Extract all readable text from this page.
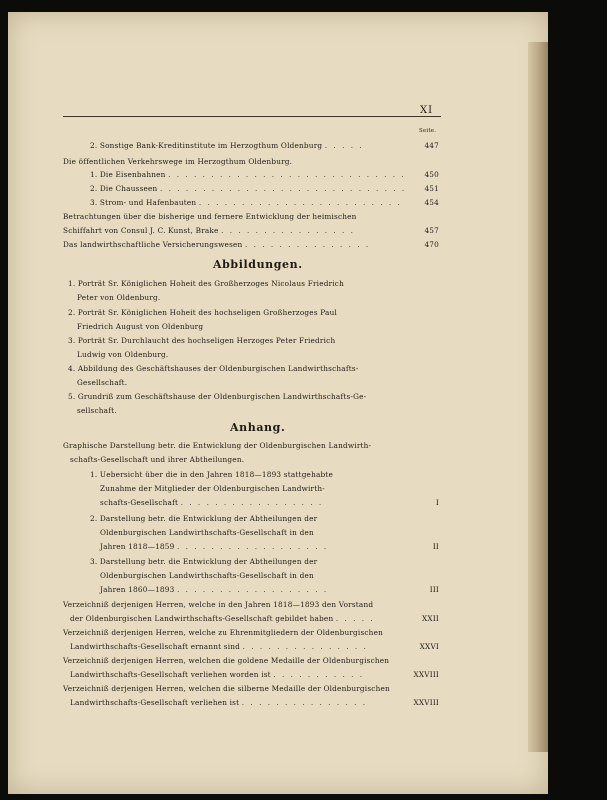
XI
Seite.
2. Sonstige Bank-Kreditinstitute im Herzogthum Oldenburg . . . . .	447
Die öffentlichen Verkehrswege im Herzogthum Oldenburg.
1. Die Eisenbahnen . . . . . . . . . . . . . . . . . . . . . . . . . . . .	450
2. Die Chausseen . . . . . . . . . . . . . . . . . . . . . . . . . . . . .	451
3. Strom- und Hafenbauten . . . . . . . . . . . . . . . . . . . . . . . .	454
Betrachtungen über die bisherige und fernere Entwicklung der heimischen
Schiffahrt von Consul J. C. Kunst, Brake . . . . . . . . . . . . . . . .	457
Das landwirthschaftliche Versicherungswesen . . . . . . . . . . . . . . .	470
Abbildungen.
1. Porträt Sr. Königlichen Hoheit des Großherzoges Nicolaus Friedrich
Peter von Oldenburg.
2. Porträt Sr. Königlichen Hoheit des hochseligen Großherzoges Paul
Friedrich August von Oldenburg
3. Porträt Sr. Durchlaucht des hochseligen Herzoges Peter Friedrich
Ludwig von Oldenburg.
4. Abbildung des Geschäftshauses der Oldenburgischen Landwirthschafts-
Gesellschaft.
5. Grundriß zum Geschäftshause der Oldenburgischen Landwirthschafts-Ge-
sellschaft.
Anhang.
Graphische Darstellung betr. die Entwicklung der Oldenburgischen Landwirth-
schafts-Gesellschaft und ihrer Abtheilungen.
1. Uebersicht über die in den Jahren 1818—1893 stattgehabte
Zunahme der Mitglieder der Oldenburgischen Landwirth-
schafts-Gesellschaft . . . . . . . . . . . . . . . . .	I
2. Darstellung betr. die Entwicklung der Abtheilungen der
Oldenburgischen Landwirthschafts-Gesellschaft in den
Jahren 1818—1859 . . . . . . . . . . . . . . . . . .	II
3. Darstellung betr. die Entwicklung der Abtheilungen der
Oldenburgischen Landwirthschafts-Gesellschaft in den
Jahren 1860—1893 . . . . . . . . . . . . . . . . . .	III
Verzeichniß derjenigen Herren, welche in den Jahren 1818—1893 den Vorstand
der Oldenburgischen Landwirthschafts-Gesellschaft gebildet haben . . . . .	XXII
Verzeichniß derjenigen Herren, welche zu Ehrenmitgliedern der Oldenburgischen
Landwirthschafts-Gesellschaft ernannt sind . . . . . . . . . . . . . . .	XXVI
Verzeichniß derjenigen Herren, welchen die goldene Medaille der Oldenburgischen
Landwirthschafts-Gesellschaft verliehen worden ist . . . . . . . . . . .	XXVIII
Verzeichniß derjenigen Herren, welchen die silberne Medaille der Oldenburgischen
Landwirthschafts-Gesellschaft verliehen ist . . . . . . . . . . . . . . .	XXVIII
